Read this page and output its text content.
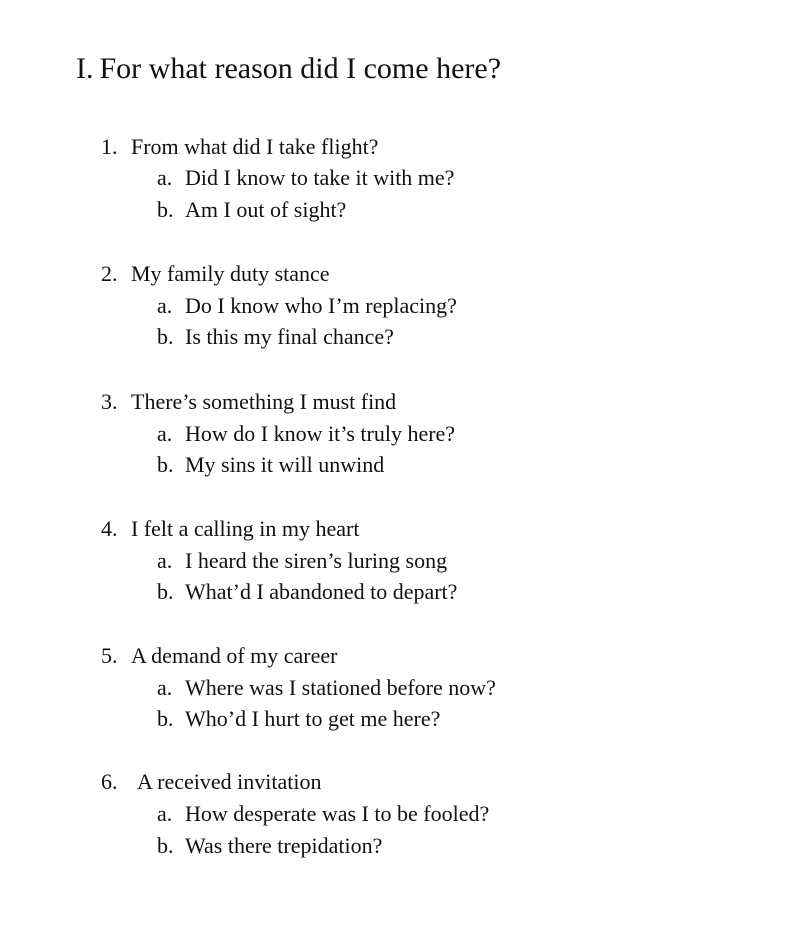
I. For what reason did I come here?
1. From what did I take flight?
a. Did I know to take it with me?
b. Am I out of sight?
2. My family duty stance
a. Do I know who I’m replacing?
b. Is this my final chance?
3. There’s something I must find
a. How do I know it’s truly here?
b. My sins it will unwind
4. I felt a calling in my heart
a. I heard the siren’s luring song
b. What’d I abandoned to depart?
5. A demand of my career
a. Where was I stationed before now?
b. Who’d I hurt to get me here?
6. A received invitation
a. How desperate was I to be fooled?
b. Was there trepidation?
